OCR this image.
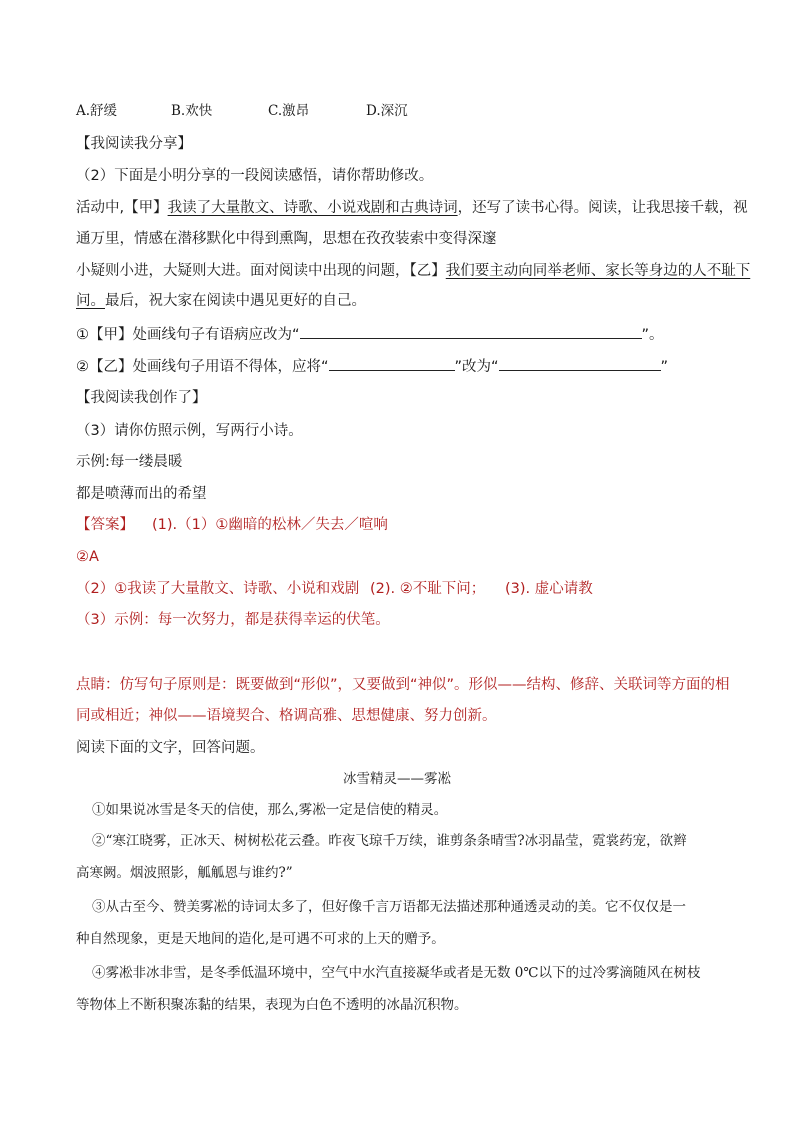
A.舒缓	B.欢快	C.激昂	D.深沉
【我阅读我分享】
（2）下面是小明分享的一段阅读感悟，请你帮助修改。
活动中,【甲】我读了大量散文、诗歌、小说戏剧和古典诗词，还写了读书心得。阅读，让我思接千载，视
通万里，情感在潜移默化中得到熏陶，思想在孜孜装索中变得深邃
小疑则小进，大疑则大进。面对阅读中出现的问题，【乙】我们要主动向同举老师、家长等身边的人不耻下
问。最后，祝大家在阅读中遇见更好的自己。
①【甲】处画线句子有语病应改为“	”。
②【乙】处画线句子用语不得体，应将“	”改为“	”
【我阅读我创作了】
（3）请你仿照示例，写两行小诗。
示例:每一缕晨暖
都是喷薄而出的希望
【答案】 (1).（1）①幽暗的松林／失去／喧响
②A
（2）①我读了大量散文、诗歌、小说和戏剧 (2). ②不耻下问； (3). 虚心请教
（3）示例：每一次努力，都是获得幸运的伏笔。
点睛：仿写句子原则是：既要做到“形似”，又要做到“神似”。形似——结构、修辞、关联词等方面的相
同或相近；神似——语境契合、格调高雅、思想健康、努力创新。
阅读下面的文字，回答问题。
冰雪精灵——雾凇
①如果说冰雪是冬天的信使，那么,雾凇一定是信使的精灵。
②“寒江晓雾，正冰天、树树松花云叠。昨夜飞琼千万续，谁剪条条晴雪?冰羽晶莹，霓裳药宠，欲辫
高寒阙。烟波照影，觚觚恩与谁约?”
③从古至今、赞美雾凇的诗词太多了，但好像千言万语都无法描述那种通透灵动的美。它不仅仅是一
种自然现象，更是天地间的造化,是可遇不可求的上天的赠予。
④雾凇非冰非雪，是冬季低温环境中，空气中水汽直接凝华或者是无数 0℃以下的过冷雾滴随风在树枝
等物体上不断积聚冻黏的结果，表现为白色不透明的冰晶沉积物。
